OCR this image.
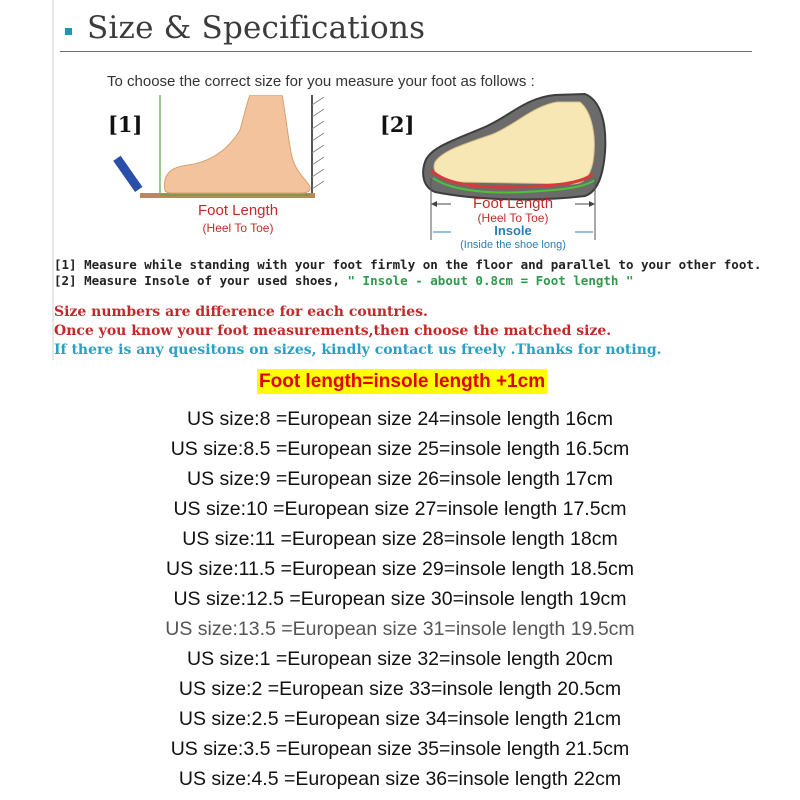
Size & Specifications
To choose the correct size for you measure your foot as follows :
[1]
Foot Length
(Heel To Toe)
[2]
Foot Length
(Heel To Toe)
Insole
(Inside the shoe long)
[1] Measure while standing with your foot firmly on the floor and parallel to your other foot.
[2] Measure Insole of your used shoes, " Insole - about 0.8cm = Foot length "
Size numbers are difference for each countries.
Once you know your foot measurements,then choose the matched size.
If there is any quesitons on sizes, kindly contact us freely .Thanks for noting.
Foot length=insole length +1cm
US size:8 =European size 24=insole length 16cm
US size:8.5 =European size 25=insole length 16.5cm
US size:9 =European size 26=insole length 17cm
US size:10 =European size 27=insole length 17.5cm
US size:11 =European size 28=insole length 18cm
US size:11.5 =European size 29=insole length 18.5cm
US size:12.5 =European size 30=insole length 19cm
US size:13.5 =European size 31=insole length 19.5cm
US size:1 =European size 32=insole length 20cm
US size:2 =European size 33=insole length 20.5cm
US size:2.5 =European size 34=insole length 21cm
US size:3.5 =European size 35=insole length 21.5cm
US size:4.5 =European size 36=insole length 22cm
